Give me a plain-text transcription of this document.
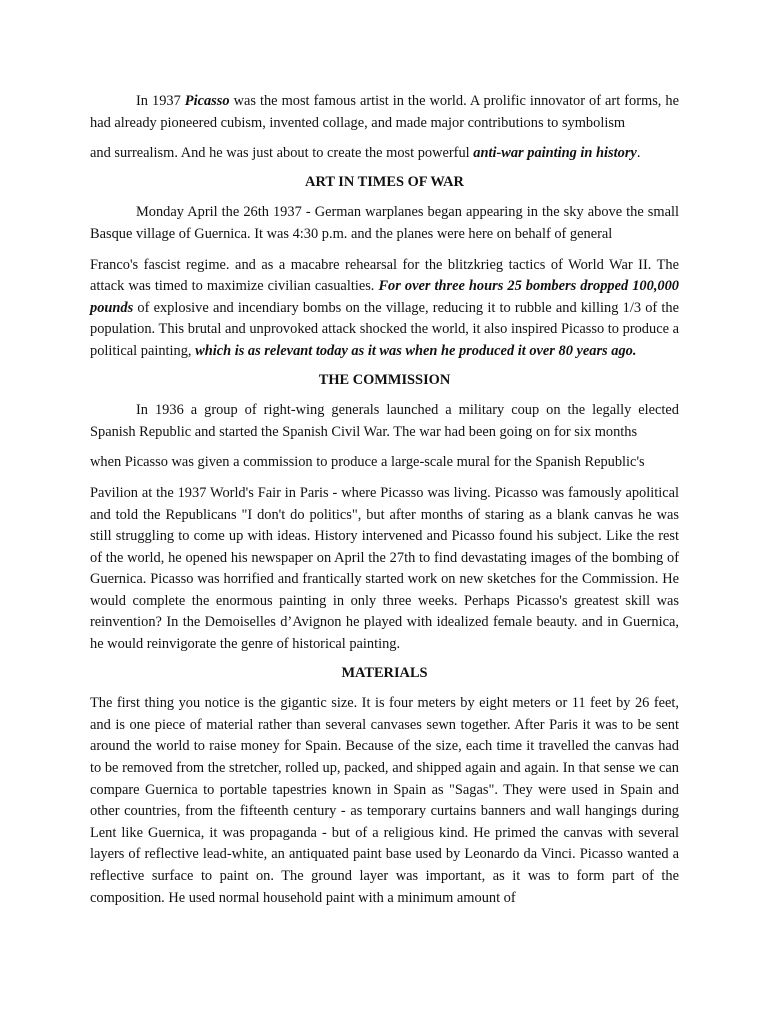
In 1937 Picasso was the most famous artist in the world. A prolific innovator of art forms, he had already pioneered cubism, invented collage, and made major contributions to symbolism

and surrealism. And he was just about to create the most powerful anti-war painting in history.

ART IN TIMES OF WAR

Monday April the 26th 1937 - German warplanes began appearing in the sky above the small Basque village of Guernica. It was 4:30 p.m. and the planes were here on behalf of general

Franco's fascist regime. and as a macabre rehearsal for the blitzkrieg tactics of World War II. The attack was timed to maximize civilian casualties. For over three hours 25 bombers dropped 100,000 pounds of explosive and incendiary bombs on the village, reducing it to rubble and killing 1/3 of the population. This brutal and unprovoked attack shocked the world, it also inspired Picasso to produce a political painting, which is as relevant today as it was when he produced it over 80 years ago.

THE COMMISSION

In 1936 a group of right-wing generals launched a military coup on the legally elected Spanish Republic and started the Spanish Civil War. The war had been going on for six months

when Picasso was given a commission to produce a large-scale mural for the Spanish Republic's

Pavilion at the 1937 World's Fair in Paris - where Picasso was living. Picasso was famously apolitical and told the Republicans "I don't do politics", but after months of staring as a blank canvas he was still struggling to come up with ideas. History intervened and Picasso found his subject. Like the rest of the world, he opened his newspaper on April the 27th to find devastating images of the bombing of Guernica. Picasso was horrified and frantically started work on new sketches for the Commission. He would complete the enormous painting in only three weeks. Perhaps Picasso's greatest skill was reinvention? In the Demoiselles d’Avignon he played with idealized female beauty. and in Guernica, he would reinvigorate the genre of historical painting.

MATERIALS

The first thing you notice is the gigantic size. It is four meters by eight meters or 11 feet by 26 feet, and is one piece of material rather than several canvases sewn together. After Paris it was to be sent around the world to raise money for Spain. Because of the size, each time it travelled the canvas had to be removed from the stretcher, rolled up, packed, and shipped again and again. In that sense we can compare Guernica to portable tapestries known in Spain as "Sagas". They were used in Spain and other countries, from the fifteenth century - as temporary curtains banners and wall hangings during Lent like Guernica, it was propaganda - but of a religious kind. He primed the canvas with several layers of reflective lead-white, an antiquated paint base used by Leonardo da Vinci. Picasso wanted a reflective surface to paint on. The ground layer was important, as it was to form part of the composition. He used normal household paint with a minimum amount of
